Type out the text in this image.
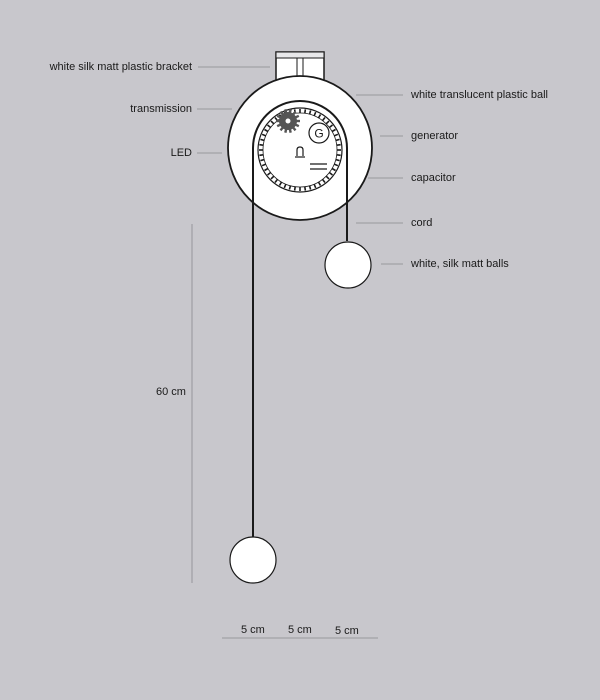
G
white silk matt plastic bracket
transmission
LED
white translucent plastic ball
generator
capacitor
cord
white, silk matt balls
60 cm
5 cm 5 cm 5 cm
